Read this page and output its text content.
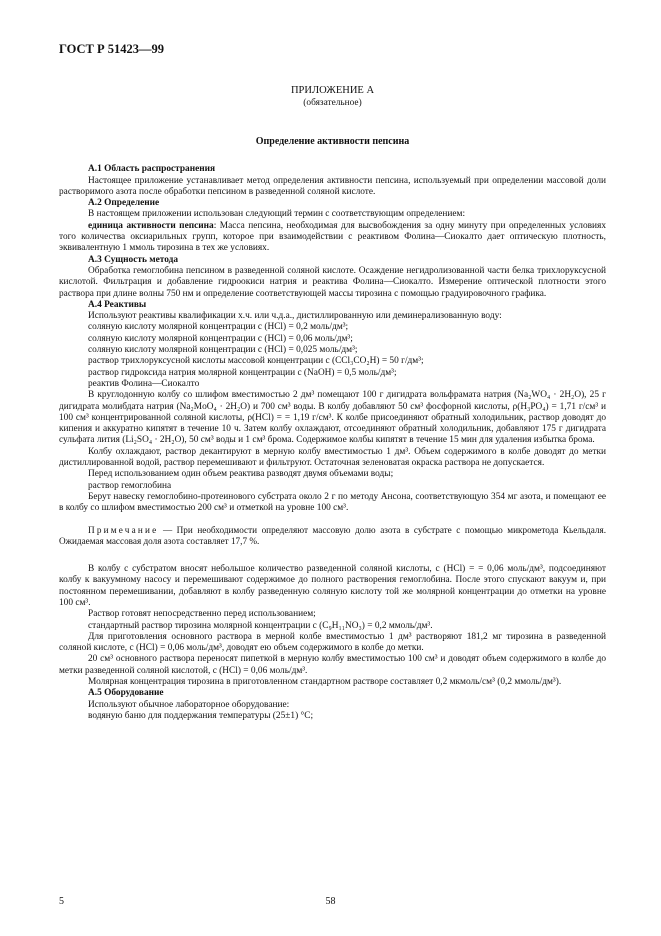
ГОСТ Р 51423—99
ПРИЛОЖЕНИЕ А
(обязательное)
Определение активности пепсина
А.1 Область распространения

Настоящее приложение устанавливает метод определения активности пепсина, используемый при определении массовой доли растворимого азота после обработки пепсином в разведенной соляной кислоте.

А.2 Определение

В настоящем приложении использован следующий термин с соответствующим определением:

единица активности пепсина: Масса пепсина, необходимая для высвобождения за одну минуту при определенных условиях того количества оксиарильных групп, которое при взаимодействии с реактивом Фолина—Сиокалто дает оптическую плотность, эквивалентную 1 ммоль тирозина в тех же условиях.

А.3 Сущность метода

Обработка гемоглобина пепсином в разведенной соляной кислоте. Осаждение негидролизованной части белка трихлоруксусной кислотой. Фильтрация и добавление гидроокиси натрия и реактива Фолина—Сиокалто. Измерение оптической плотности этого раствора при длине волны 750 нм и определение соответствующей массы тирозина с помощью градуировочного графика.

А.4 Реактивы

Используют реактивы квалификации х.ч. или ч.д.а., дистиллированную или деминерализованную воду:

соляную кислоту молярной концентрации c (HCl) = 0,2 моль/дм³;

соляную кислоту молярной концентрации c (HCl) = 0,06 моль/дм³;

соляную кислоту молярной концентрации c (HCl) = 0,025 моль/дм³;

раствор трихлоруксусной кислоты массовой концентрации c (CCl₃CO₂H) = 50 г/дм³;

раствор гидроксида натрия молярной концентрации c (NaOH) = 0,5 моль/дм³;

реактив Фолина—Сиокалто

В круглодонную колбу со шлифом вместимостью 2 дм³ помещают 100 г дигидрата вольфрамата натрия (Na₂WO₄ · 2H₂O), 25 г дигидрата молибдата натрия (Na₂MoO₄ · 2H₂O) и 700 см³ воды. В колбу добавляют 50 см³ фосфорной кислоты, ρ(H₃PO₄) = 1,71 г/см³ и 100 см³ концентрированной соляной кислоты, ρ(HCl) = = 1,19 г/см³. К колбе присоединяют обратный холодильник, раствор доводят до кипения и аккуратно кипятят в течение 10 ч. Затем колбу охлаждают, отсоединяют обратный холодильник, добавляют 175 г дигидрата сульфата лития (Li₂SO₄ · 2H₂O), 50 см³ воды и 1 см³ брома. Содержимое колбы кипятят в течение 15 мин для удаления избытка брома.

Колбу охлаждают, раствор декантируют в мерную колбу вместимостью 1 дм³. Объем содержимого в колбе доводят до метки дистиллированной водой, раствор перемешивают и фильтруют. Остаточная зеленоватая окраска раствора не допускается.

Перед использованием один объем реактива разводят двумя объемами воды;

раствор гемоглобина

Берут навеску гемоглобино-протеинового субстрата около 2 г по методу Ансона, соответствующую 354 мг азота, и помещают ее в колбу со шлифом вместимостью 200 см³ и отметкой на уровне 100 см³.

Примечание — При необходимости определяют массовую долю азота в субстрате с помощью микрометода Кьельдаля. Ожидаемая массовая доля азота составляет 17,7 %.

В колбу с субстратом вносят небольшое количество разведенной соляной кислоты, c (HCl) = = 0,06 моль/дм³, подсоединяют колбу к вакуумному насосу и перемешивают содержимое до полного растворения гемоглобина. После этого спускают вакуум и, при постоянном перемешивании, добавляют в колбу разведенную соляную кислоту той же молярной концентрации до отметки на уровне 100 см³.

Раствор готовят непосредственно перед использованием;

стандартный раствор тирозина молярной концентрации c (C₉H₁₁NO₃) = 0,2 ммоль/дм³.

Для приготовления основного раствора в мерной колбе вместимостью 1 дм³ растворяют 181,2 мг тирозина в разведенной соляной кислоте, c (HCl) = 0,06 моль/дм³, доводят ею объем содержимого в колбе до метки.

20 см³ основного раствора переносят пипеткой в мерную колбу вместимостью 100 см³ и доводят объем содержимого в колбе до метки разведенной соляной кислотой, c (HCl) = 0,06 моль/дм³.

Молярная концентрация тирозина в приготовленном стандартном растворе составляет 0,2 мкмоль/см³ (0,2 ммоль/дм³).

А.5 Оборудование

Используют обычное лабораторное оборудование:

водяную баню для поддержания температуры (25±1) °С;

5	58
